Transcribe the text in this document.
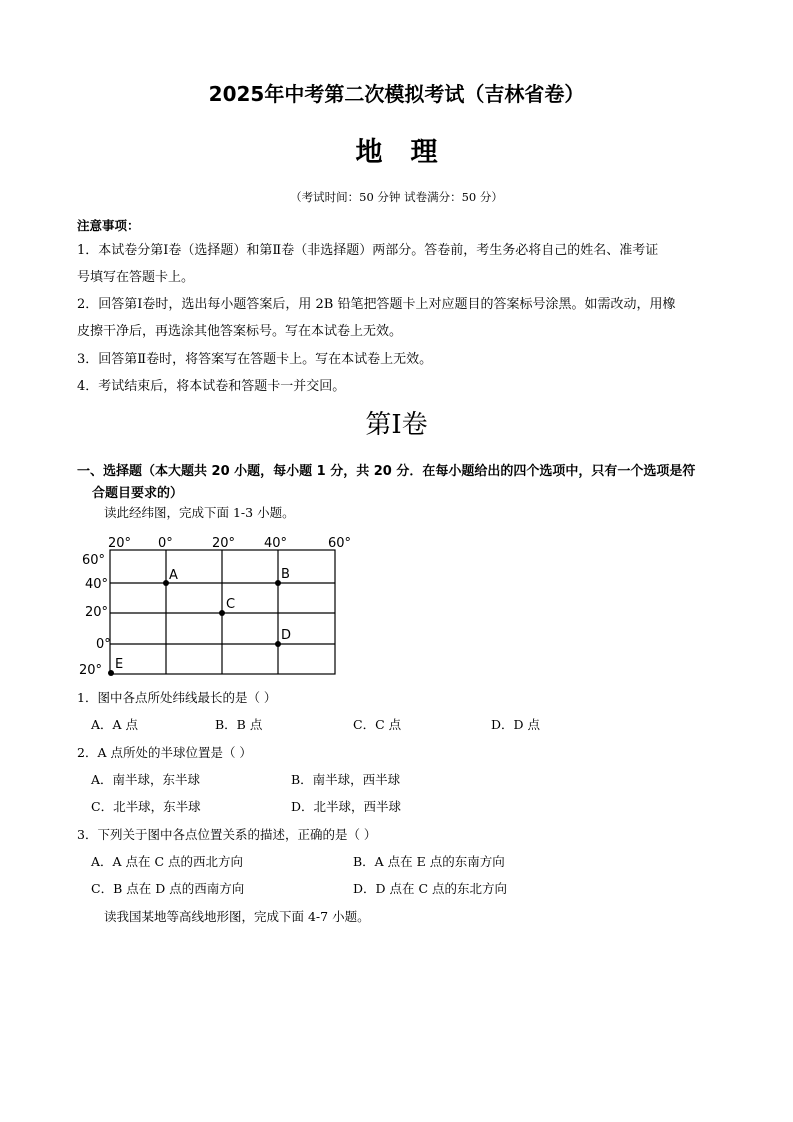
2025年中考第二次模拟考试（吉林省卷）
地理
（考试时间：50 分钟 试卷满分：50 分）
注意事项：
1．本试卷分第Ⅰ卷（选择题）和第Ⅱ卷（非选择题）两部分。答卷前，考生务必将自己的姓名、准考证
号填写在答题卡上。
2．回答第Ⅰ卷时，选出每小题答案后，用 2B 铅笔把答题卡上对应题目的答案标号涂黑。如需改动，用橡
皮擦干净后，再选涂其他答案标号。写在本试卷上无效。
3．回答第Ⅱ卷时，将答案写在答题卡上。写在本试卷上无效。
4．考试结束后，将本试卷和答题卡一并交回。
第Ⅰ卷
一、选择题（本大题共 20 小题，每小题 1 分，共 20 分．在每小题给出的四个选项中，只有一个选项是符
合题目要求的）
读此经纬图，完成下面 1-3 小题。
20° 0°	20° 40°	60°
60°
40°
20°
0°
20°
A	B
C
D
E
1．图中各点所处纬线最长的是（ ）
A．A 点	B．B 点	C．C 点	D．D 点
2．A 点所处的半球位置是（ ）
A．南半球，东半球	B．南半球，西半球
C．北半球，东半球	D．北半球，西半球
3．下列关于图中各点位置关系的描述，正确的是（ ）
A．A 点在 C 点的西北方向	B．A 点在 E 点的东南方向
C．B 点在 D 点的西南方向	D．D 点在 C 点的东北方向
读我国某地等高线地形图，完成下面 4-7 小题。
